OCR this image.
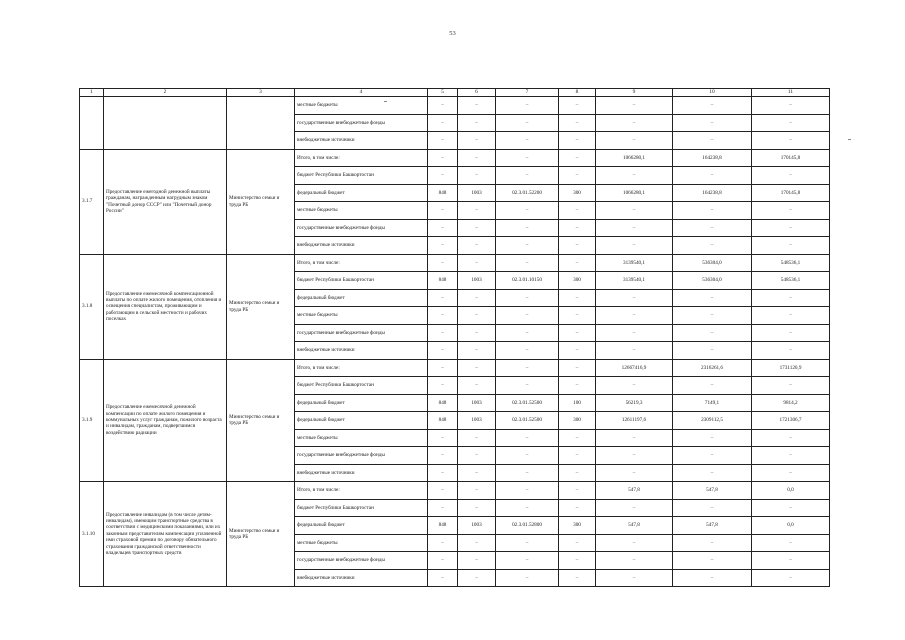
53
1	2	3	4	5	6	7	8	9	10	11
			местные бюджеты	–	–	–	–	–	–	–
			государственные внебюджетные фонды	–	–	–	–	–	–	–
			внебюджетные источники	–	–	–	–	–	–	–
3.1.7	Предоставление ежегодной денежной выплаты гражданам, награжденным нагрудным знаком "Почетный донор СССР" или "Почетный донор России"	Министерство семьи и труда РБ	Итого, в том числе:	–	–	–	–	1066280,1	164238,8	170145,8
			бюджет Республики Башкортостан	–	–	–	–	–	–	–
			федеральный бюджет	848	1003	02.3.01.52200	300	1066280,1	164238,8	170145,8
			местные бюджеты	–	–	–	–	–	–	–
			государственные внебюджетные фонды	–	–	–	–	–	–	–
			внебюджетные источники	–	–	–	–	–	–	–
3.1.8	Предоставление ежемесячной компенсационной выплаты по оплате жилого помещения, отопления и освещения специалистам, проживающим и работающим в сельской местности и рабочих поселках	Министерство семьи и труда РБ	Итого, в том числе:	–	–	–	–	3139540,1	536304,0	548536,1
			бюджет Республики Башкортостан	848	1003	02.3.01.10150	300	3139540,1	536304,0	548536,1
			федеральный бюджет	–	–	–	–	–	–	–
			местные бюджеты	–	–	–	–	–	–	–
			государственные внебюджетные фонды	–	–	–	–	–	–	–
			внебюджетные источники	–	–	–	–	–	–	–
3.1.9	Предоставление ежемесячной денежной компенсации по оплате жилого помещения и коммунальных услуг гражданам, пожилого возраста и инвалидам, гражданам, подвергшимся воздействию радиации	Министерство семьи и труда РБ	Итого, в том числе:	–	–	–	–	12667416,9	2316261,6	1731120,9
			бюджет Республики Башкортостан	–	–	–	–	–	–	–
			федеральный бюджет	848	1003	02.3.01.52500	100	56219,3	7149,1	9814,2
			федеральный бюджет	848	1003	02.3.01.52500	300	12611197,6	2309112,5	1721306,7
			местные бюджеты	–	–	–	–	–	–	–
			государственные внебюджетные фонды	–	–	–	–	–	–	–
			внебюджетные источники	–	–	–	–	–	–	–
3.1.10	Предоставление инвалидам (в том числе детям-инвалидам), имеющим транспортные средства в соответствии с медицинскими показаниями, или их законным представителям компенсации уплаченной ими страховой премии по договору обязательного страхования гражданской ответственности владельцев транспортных средств	Министерство семьи и труда РБ	Итого, в том числе:	–	–	–	–	547,8	547,8	0,0
			бюджет Республики Башкортостан	–	–	–	–	–	–	–
			федеральный бюджет	848	1003	02.3.01.52800	300	547,8	547,8	0,0
			местные бюджеты	–	–	–	–	–	–	–
			государственные внебюджетные фонды	–	–	–	–	–	–	–
			внебюджетные источники	–	–	–	–	–	–	–
